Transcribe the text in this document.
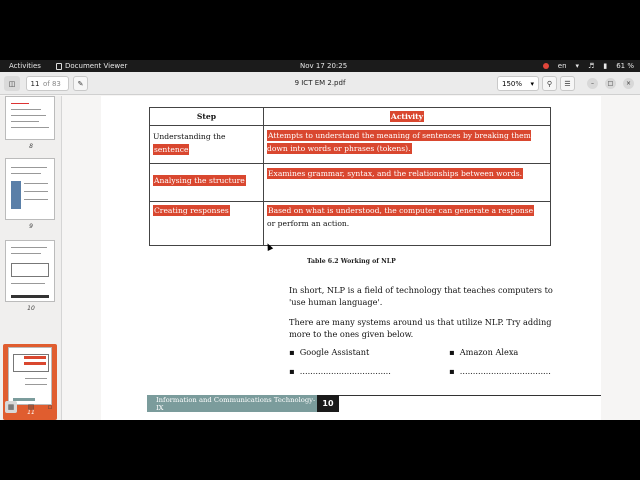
Activities	Document Viewer	Nov 17 20:25	en ▾ ♬ ▮ 61 %
◫	11 of 83 ✎	9 ICT EM 2.pdf	150% ▾ ⚲ ☰	– □ ×
8
9
10
11
▦ ▤ ▫
Step	Activity
Understanding the
sentence	Attempts to understand the meaning of sentences by breaking them down into words or phrases (tokens).
Analysing the structure	Examines grammar, syntax, and the relationships between words.
Creating responses	Based on what is understood, the computer can generate a response
or perform an action.
Table 6.2 Working of NLP
In short, NLP is a field of technology that teaches computers to 'use human language'.
There are many systems around us that utilize NLP. Try adding more to the ones given below.
▪  Google Assistant	▪  Amazon Alexa
▪  ...................................	▪  ...................................
Information and Communications Technology-IX	10
